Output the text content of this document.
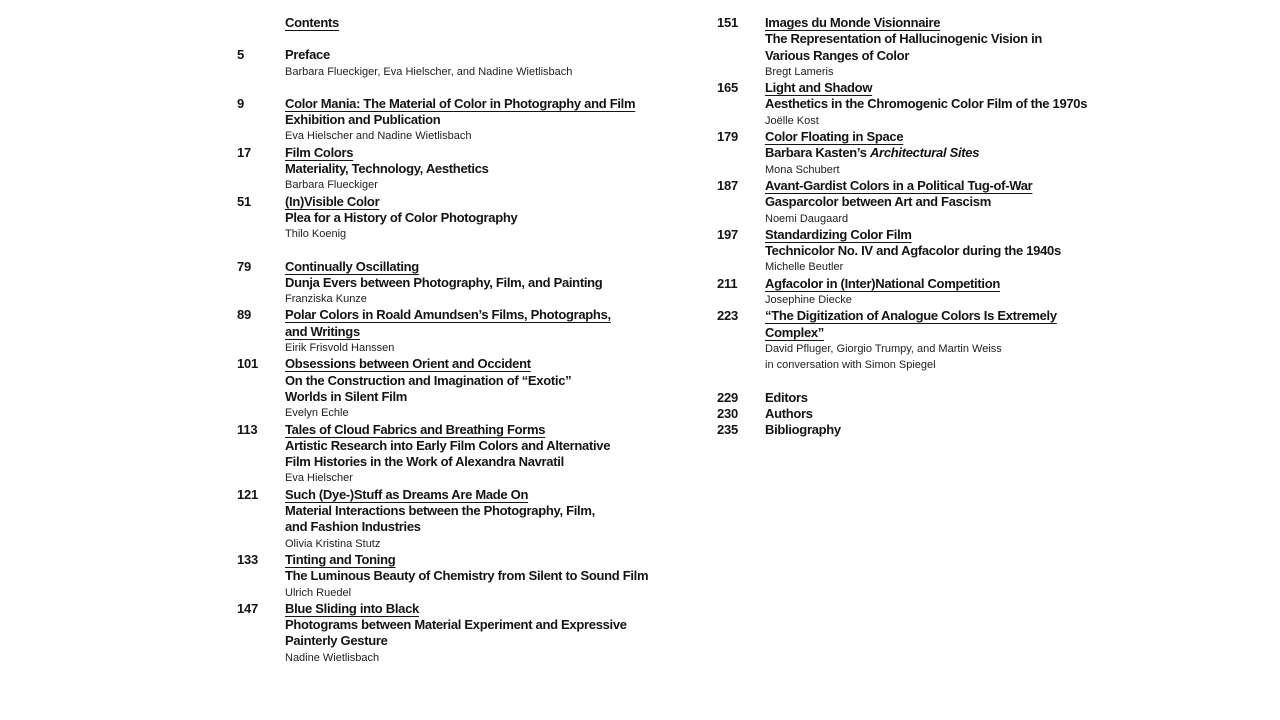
Contents
5	Preface
Barbara Flueckiger, Eva Hielscher, and Nadine Wietlisbach
9	Color Mania: The Material of Color in Photography and Film
Exhibition and Publication
Eva Hielscher and Nadine Wietlisbach
17	Film Colors
Materiality, Technology, Aesthetics
Barbara Flueckiger
51	(In)Visible Color
Plea for a History of Color Photography
Thilo Koenig
79	Continually Oscillating
Dunja Evers between Photography, Film, and Painting
Franziska Kunze
89	Polar Colors in Roald Amundsen’s Films, Photographs,
and Writings
Eirik Frisvold Hanssen
101	Obsessions between Orient and Occident
On the Construction and Imagination of “Exotic”
Worlds in Silent Film
Evelyn Echle
113	Tales of Cloud Fabrics and Breathing Forms
Artistic Research into Early Film Colors and Alternative
Film Histories in the Work of Alexandra Navratil
Eva Hielscher
121	Such (Dye-)Stuff as Dreams Are Made On
Material Interactions between the Photography, Film,
and Fashion Industries
Olivia Kristina Stutz
133	Tinting and Toning
The Luminous Beauty of Chemistry from Silent to Sound Film
Ulrich Ruedel
147	Blue Sliding into Black
Photograms between Material Experiment and Expressive
Painterly Gesture
Nadine Wietlisbach
151	Images du Monde Visionnaire
The Representation of Hallucinogenic Vision in
Various Ranges of Color
Bregt Lameris
165	Light and Shadow
Aesthetics in the Chromogenic Color Film of the 1970s
Joëlle Kost
179	Color Floating in Space
Barbara Kasten’s Architectural Sites
Mona Schubert
187	Avant-Gardist Colors in a Political Tug-of-War
Gasparcolor between Art and Fascism
Noemi Daugaard
197	Standardizing Color Film
Technicolor No. IV and Agfacolor during the 1940s
Michelle Beutler
211	Agfacolor in (Inter)National Competition
Josephine Diecke
223	“The Digitization of Analogue Colors Is Extremely
Complex”
David Pfluger, Giorgio Trumpy, and Martin Weiss
in conversation with Simon Spiegel
229	Editors
230	Authors
235	Bibliography
